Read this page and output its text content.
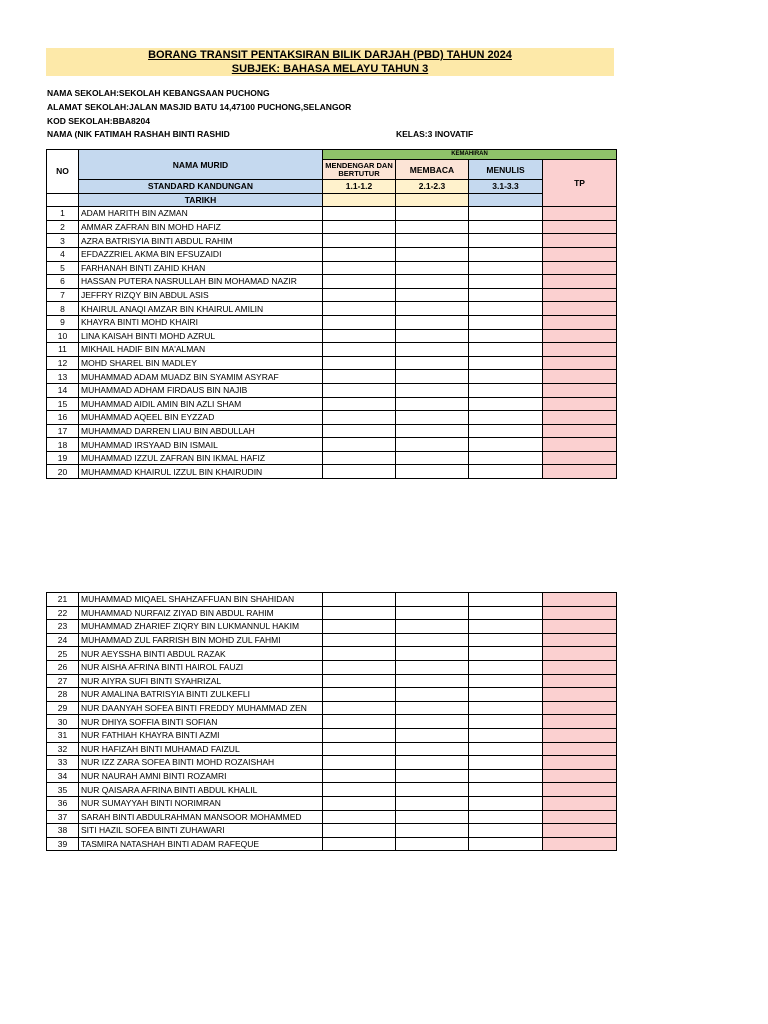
BORANG TRANSIT PENTAKSIRAN BILIK DARJAH (PBD) TAHUN 2024
SUBJEK: BAHASA MELAYU TAHUN 3
NAMA SEKOLAH:SEKOLAH KEBANGSAAN PUCHONG
ALAMAT SEKOLAH:JALAN MASJID BATU 14,47100 PUCHONG,SELANGOR
KOD SEKOLAH:BBA8204
NAMA (NIK FATIMAH RASHAH BINTI RASHID	KELAS:3 INOVATIF
NO	NAMA MURID	KEMAHIRAN			
		MENDENGAR DAN BERTUTUR	MEMBACA	MENULIS	TP
	STANDARD KANDUNGAN	1.1-1.2	2.1-2.3	3.1-3.3	
	TARIKH				
1	ADAM HARITH BIN AZMAN				
2	AMMAR ZAFRAN BIN MOHD HAFIZ				
3	AZRA BATRISYIA BINTI ABDUL RAHIM				
4	EFDAZZRIEL AKMA BIN EFSUZAIDI				
5	FARHANAH BINTI ZAHID KHAN				
6	HASSAN PUTERA NASRULLAH BIN MOHAMAD NAZIR				
7	JEFFRY RIZQY BIN ABDUL ASIS				
8	KHAIRUL ANAQI AMZAR BIN KHAIRUL AMILIN				
9	KHAYRA BINTI MOHD KHAIRI				
10	LINA KAISAH BINTI MOHD AZRUL				
11	MIKHAIL HADIF BIN MA'ALMAN				
12	MOHD SHAREL BIN MADLEY				
13	MUHAMMAD ADAM MUADZ BIN SYAMIM ASYRAF				
14	MUHAMMAD ADHAM FIRDAUS BIN NAJIB				
15	MUHAMMAD AIDIL AMIN BIN AZLI SHAM				
16	MUHAMMAD AQEEL BIN EYZZAD				
17	MUHAMMAD DARREN LIAU BIN ABDULLAH				
18	MUHAMMAD IRSYAAD BIN ISMAIL				
19	MUHAMMAD IZZUL ZAFRAN BIN IKMAL HAFIZ				
20	MUHAMMAD KHAIRUL IZZUL BIN KHAIRUDIN				
21	MUHAMMAD MIQAEL SHAHZAFFUAN BIN SHAHIDAN				
22	MUHAMMAD NURFAIZ ZIYAD BIN ABDUL RAHIM				
23	MUHAMMAD ZHARIEF ZIQRY BIN LUKMANNUL HAKIM				
24	MUHAMMAD ZUL FARRISH BIN MOHD ZUL FAHMI				
25	NUR AEYSSHA BINTI ABDUL RAZAK				
26	NUR AISHA AFRINA BINTI HAIROL FAUZI				
27	NUR AIYRA SUFI BINTI SYAHRIZAL				
28	NUR AMALINA BATRISYIA BINTI ZULKEFLI				
29	NUR DAANYAH SOFEA BINTI FREDDY MUHAMMAD ZEN				
30	NUR DHIYA SOFFIA BINTI SOFIAN				
31	NUR FATHIAH KHAYRA BINTI AZMI				
32	NUR HAFIZAH BINTI MUHAMAD FAIZUL				
33	NUR IZZ ZARA SOFEA BINTI MOHD ROZAISHAH				
34	NUR NAURAH AMNI BINTI ROZAMRI				
35	NUR QAISARA AFRINA BINTI ABDUL KHALIL				
36	NUR SUMAYYAH BINTI NORIMRAN				
37	SARAH BINTI ABDULRAHMAN MANSOOR MOHAMMED				
38	SITI HAZIL SOFEA BINTI ZUHAWARI				
39	TASMIRA NATASHAH BINTI ADAM RAFEQUE				
